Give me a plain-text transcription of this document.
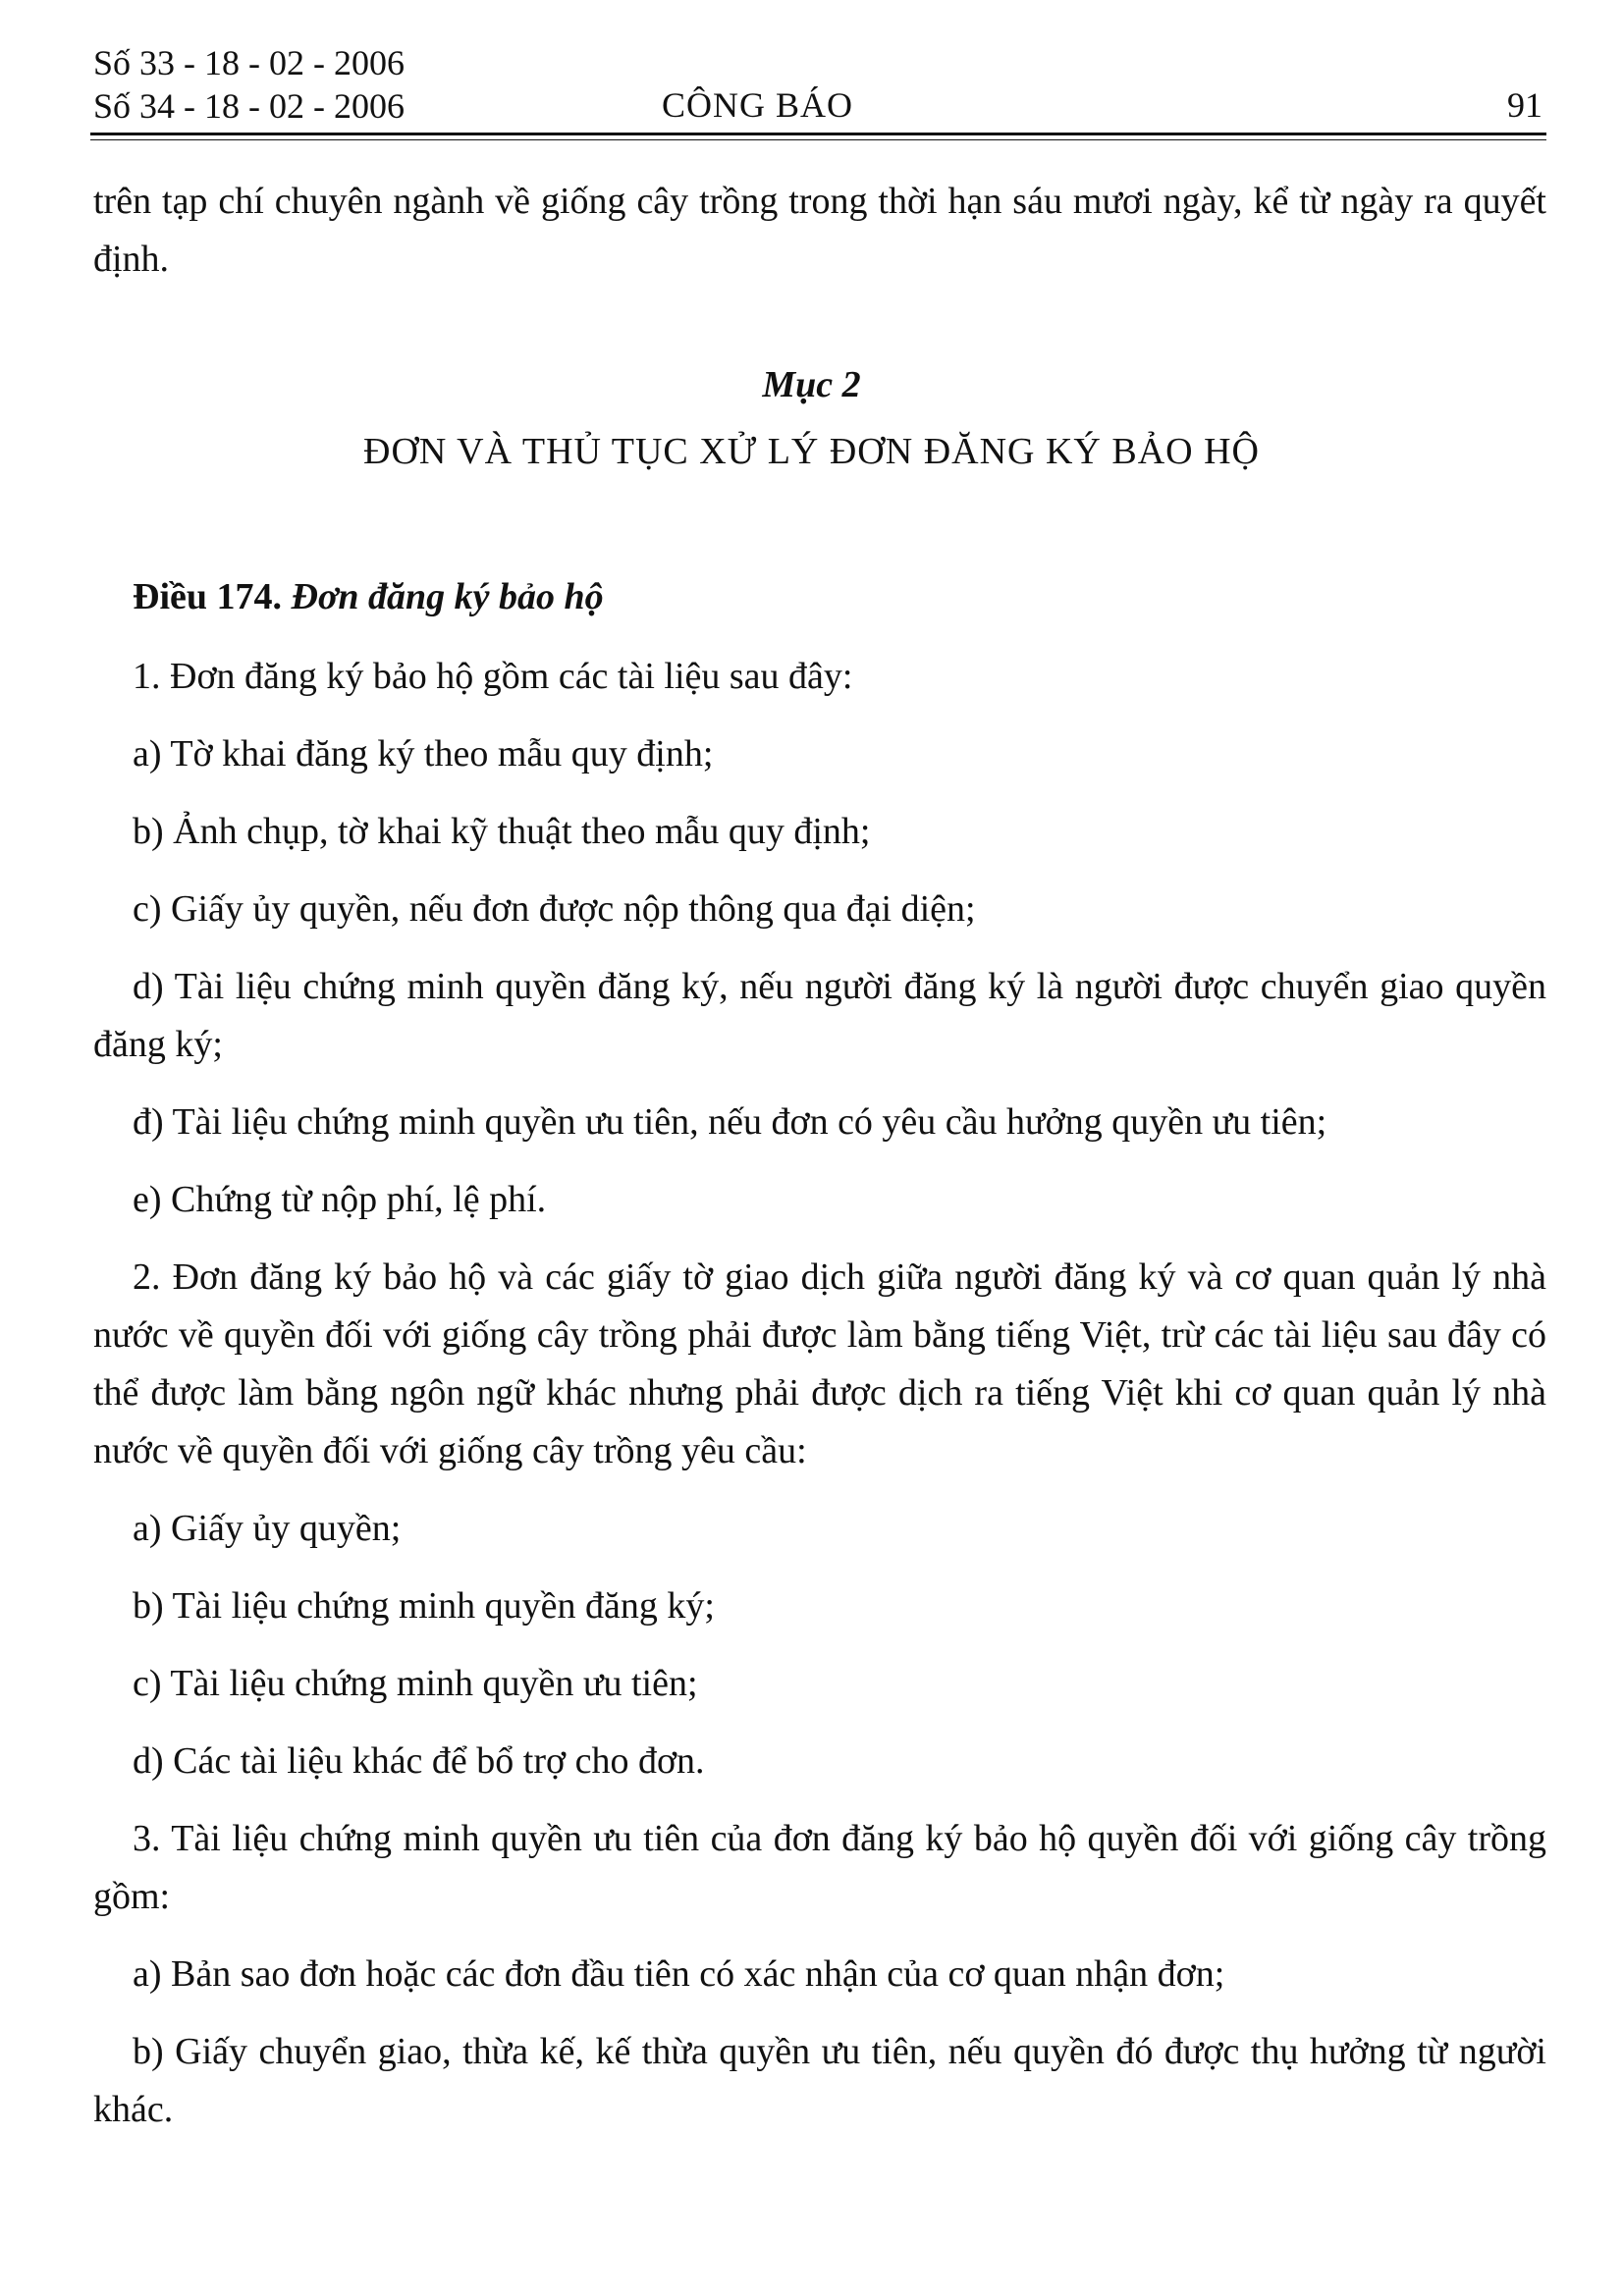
Số 33 - 18 - 02 - 2006
Số 34 - 18 - 02 - 2006	CÔNG BÁO	91

trên tạp chí chuyên ngành về giống cây trồng trong thời hạn sáu mươi ngày, kể từ ngày ra quyết định.

Mục 2
ĐƠN VÀ THỦ TỤC XỬ LÝ ĐƠN ĐĂNG KÝ BẢO HỘ
Điều 174. Đơn đăng ký bảo hộ

1. Đơn đăng ký bảo hộ gồm các tài liệu sau đây:

a) Tờ khai đăng ký theo mẫu quy định;

b) Ảnh chụp, tờ khai kỹ thuật theo mẫu quy định;

c) Giấy ủy quyền, nếu đơn được nộp thông qua đại diện;

d) Tài liệu chứng minh quyền đăng ký, nếu người đăng ký là người được chuyển giao quyền đăng ký;

đ) Tài liệu chứng minh quyền ưu tiên, nếu đơn có yêu cầu hưởng quyền ưu tiên;

e) Chứng từ nộp phí, lệ phí.

2. Đơn đăng ký bảo hộ và các giấy tờ giao dịch giữa người đăng ký và cơ quan quản lý nhà nước về quyền đối với giống cây trồng phải được làm bằng tiếng Việt, trừ các tài liệu sau đây có thể được làm bằng ngôn ngữ khác nhưng phải được dịch ra tiếng Việt khi cơ quan quản lý nhà nước về quyền đối với giống cây trồng yêu cầu:

a) Giấy ủy quyền;

b) Tài liệu chứng minh quyền đăng ký;

c) Tài liệu chứng minh quyền ưu tiên;

d) Các tài liệu khác để bổ trợ cho đơn.

3. Tài liệu chứng minh quyền ưu tiên của đơn đăng ký bảo hộ quyền đối với giống cây trồng gồm:

a) Bản sao đơn hoặc các đơn đầu tiên có xác nhận của cơ quan nhận đơn;

b) Giấy chuyển giao, thừa kế, kế thừa quyền ưu tiên, nếu quyền đó được thụ hưởng từ người khác.
